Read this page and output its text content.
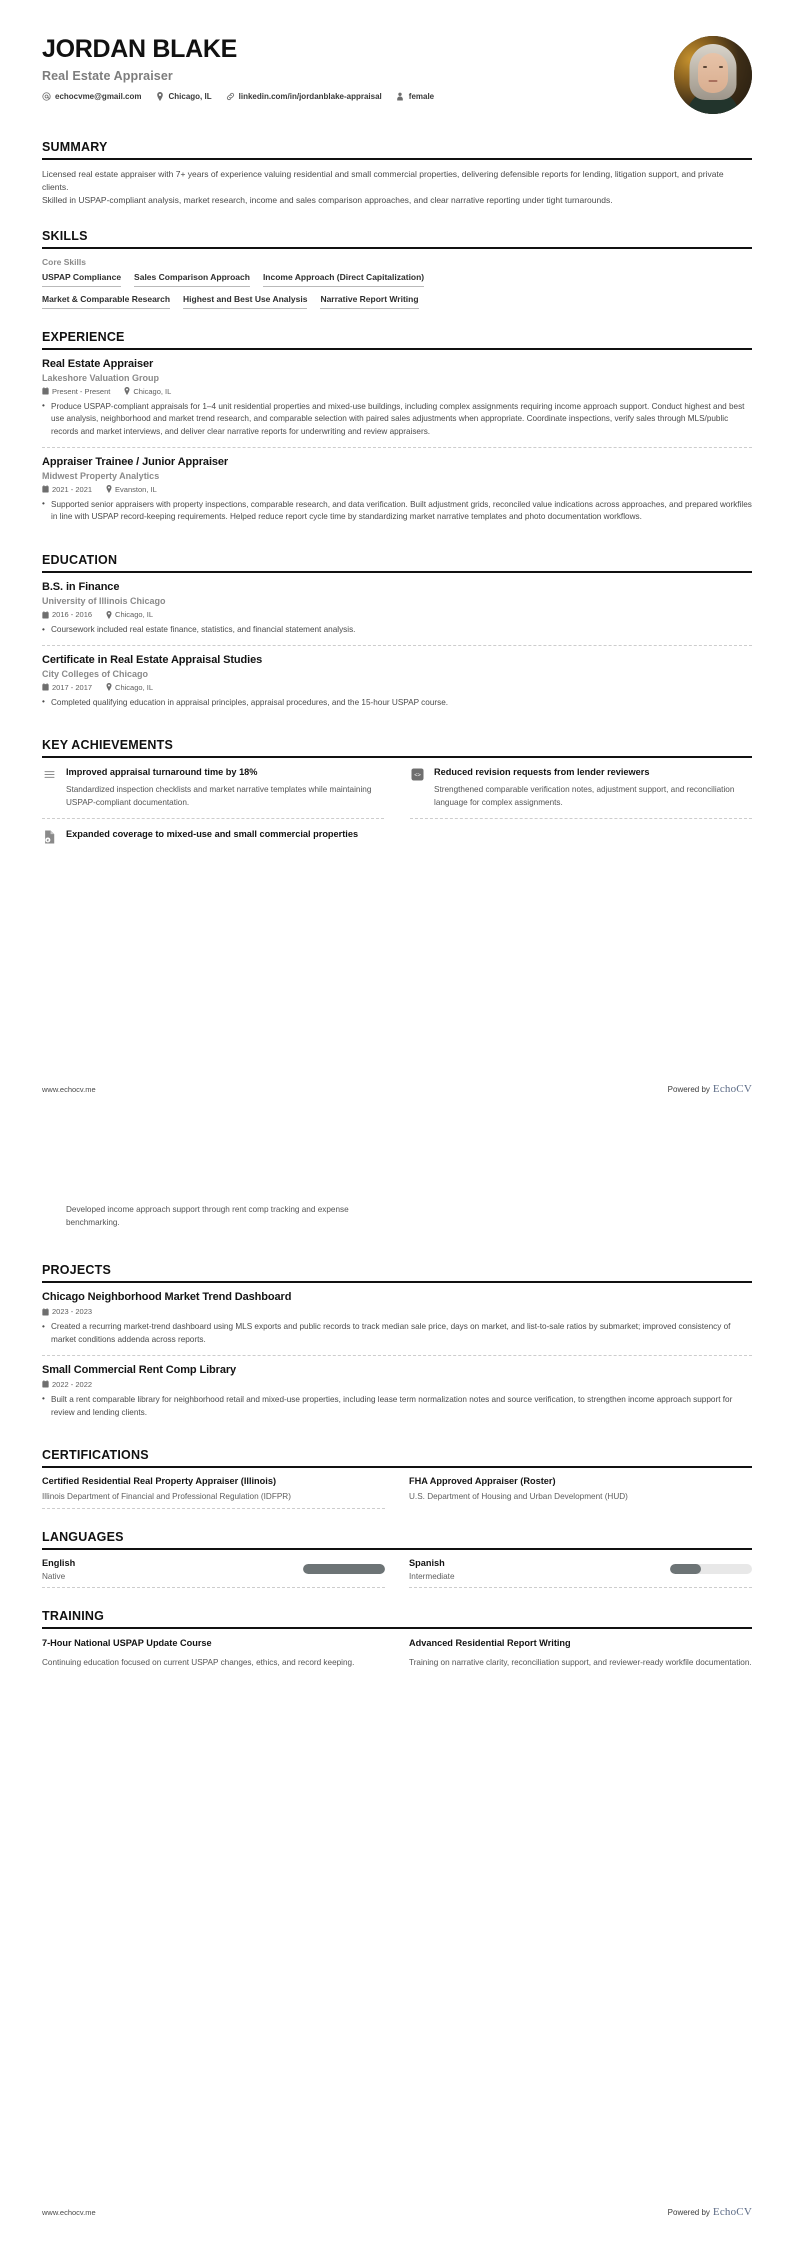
JORDAN BLAKE
Real Estate Appraiser
echocvme@gmail.com	Chicago, IL	linkedin.com/in/jordanblake-appraisal	female
SUMMARY
Licensed real estate appraiser with 7+ years of experience valuing residential and small commercial properties, delivering defensible reports for lending, litigation support, and private clients.
Skilled in USPAP-compliant analysis, market research, income and sales comparison approaches, and clear narrative reporting under tight turnarounds.
SKILLS
Core Skills
USPAP Compliance Sales Comparison Approach Income Approach (Direct Capitalization)
Market & Comparable Research Highest and Best Use Analysis Narrative Report Writing
EXPERIENCE
Real Estate Appraiser
Lakeshore Valuation Group
Present - Present	Chicago, IL
• Produce USPAP-compliant appraisals for 1–4 unit residential properties and mixed-use buildings, including complex assignments requiring income approach support. Conduct highest and best use analysis, neighborhood and market trend research, and comparable selection with paired sales adjustments when appropriate. Coordinate inspections, verify sales through MLS/public records and market interviews, and deliver clear narrative reports for underwriting and review appraisers.
Appraiser Trainee / Junior Appraiser
Midwest Property Analytics
2021 - 2021	Evanston, IL
• Supported senior appraisers with property inspections, comparable research, and data verification. Built adjustment grids, reconciled value indications across approaches, and prepared workfiles in line with USPAP record-keeping requirements. Helped reduce report cycle time by standardizing market narrative templates and photo documentation workflows.
EDUCATION
B.S. in Finance
University of Illinois Chicago
2016 - 2016	Chicago, IL
• Coursework included real estate finance, statistics, and financial statement analysis.
Certificate in Real Estate Appraisal Studies
City Colleges of Chicago
2017 - 2017	Chicago, IL
• Completed qualifying education in appraisal principles, appraisal procedures, and the 15-hour USPAP course.
KEY ACHIEVEMENTS
Improved appraisal turnaround time by 18%
Standardized inspection checklists and market narrative templates while maintaining USPAP-compliant documentation.
¢
Expanded coverage to mixed-use and small commercial properties
<> Reduced revision requests from lender reviewers
Strengthened comparable verification notes, adjustment support, and reconciliation language for complex assignments.
www.echocv.me	Powered by EchoCV
Developed income approach support through rent comp tracking and expense benchmarking.
PROJECTS
Chicago Neighborhood Market Trend Dashboard
2023 - 2023
• Created a recurring market-trend dashboard using MLS exports and public records to track median sale price, days on market, and list-to-sale ratios by submarket; improved consistency of market conditions addenda across reports.
Small Commercial Rent Comp Library
2022 - 2022
• Built a rent comparable library for neighborhood retail and mixed-use properties, including lease term normalization notes and source verification, to strengthen income approach support for review and lending clients.
CERTIFICATIONS
Certified Residential Real Property Appraiser (Illinois)
Illinois Department of Financial and Professional Regulation (IDFPR)
FHA Approved Appraiser (Roster)
U.S. Department of Housing and Urban Development (HUD)
LANGUAGES
English
Native
Spanish
Intermediate
TRAINING
7-Hour National USPAP Update Course
Continuing education focused on current USPAP changes, ethics, and record keeping.
Advanced Residential Report Writing
Training on narrative clarity, reconciliation support, and reviewer-ready workfile documentation.
www.echocv.me	Powered by EchoCV
